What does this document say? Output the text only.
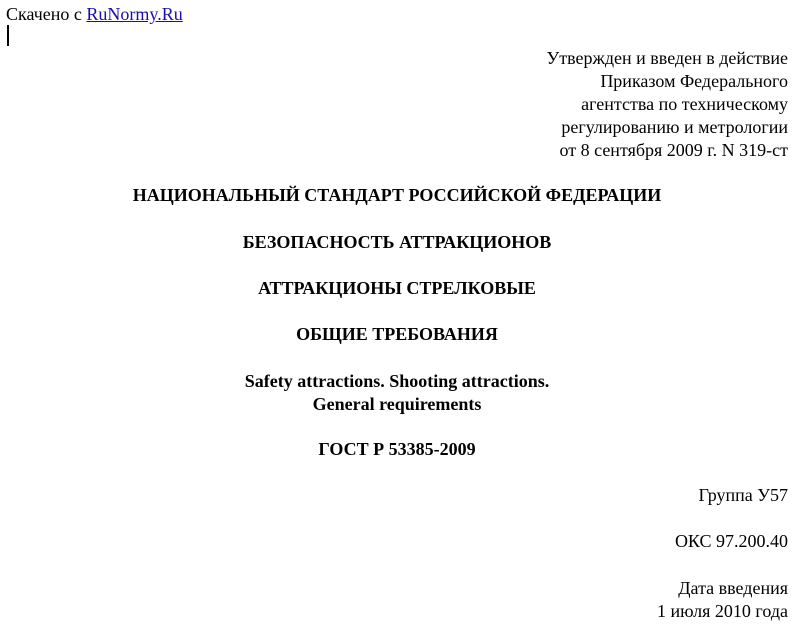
Скачено с RuNormy.Ru
Утвержден и введен в действие
Приказом Федерального
агентства по техническому
регулированию и метрологии
от 8 сентября 2009 г. N 319-ст
НАЦИОНАЛЬНЫЙ СТАНДАРТ РОССИЙСКОЙ ФЕДЕРАЦИИ
БЕЗОПАСНОСТЬ АТТРАКЦИОНОВ
АТТРАКЦИОНЫ СТРЕЛКОВЫЕ
ОБЩИЕ ТРЕБОВАНИЯ
Safety attractions. Shooting attractions.
General requirements
ГОСТ Р 53385-2009
Группа У57
ОКС 97.200.40
Дата введения
1 июля 2010 года
